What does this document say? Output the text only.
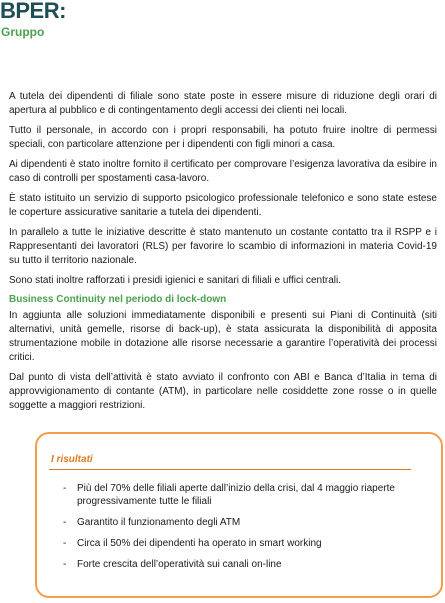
BPER:
Gruppo

A tutela dei dipendenti di filiale sono state poste in essere misure di riduzione degli orari di apertura al pubblico e di contingentamento degli accessi dei clienti nei locali.

Tutto il personale, in accordo con i propri responsabili, ha potuto fruire inoltre di permessi speciali, con particolare attenzione per i dipendenti con figli minori a casa.

Ai dipendenti è stato inoltre fornito il certificato per comprovare l’esigenza lavorativa da esibire in caso di controlli per spostamenti casa-lavoro.

È stato istituito un servizio di supporto psicologico professionale telefonico e sono state estese le coperture assicurative sanitarie a tutela dei dipendenti.

In parallelo a tutte le iniziative descritte è stato mantenuto un costante contatto tra il RSPP e i Rappresentanti dei lavoratori (RLS) per favorire lo scambio di informazioni in materia Covid-19 su tutto il territorio nazionale.

Sono stati inoltre rafforzati i presidi igienici e sanitari di filiali e uffici centrali.

Business Continuity nel periodo di lock-down

In aggiunta alle soluzioni immediatamente disponibili e presenti sui Piani di Continuità (siti alternativi, unità gemelle, risorse di back-up), è stata assicurata la disponibilità di apposita strumentazione mobile in dotazione alle risorse necessarie a garantire l’operatività dei processi critici.

Dal punto di vista dell’attività è stato avviato il confronto con ABI e Banca d’Italia in tema di approvvigionamento di contante (ATM), in particolare nelle cosiddette zone rosse o in quelle soggette a maggiori restrizioni.

I risultati
- Più del 70% delle filiali aperte dall’inizio della crisi, dal 4 maggio riaperte progressivamente tutte le filiali
- Garantito il funzionamento degli ATM
- Circa il 50% dei dipendenti ha operato in smart working
- Forte crescita dell’operatività sui canali on-line
